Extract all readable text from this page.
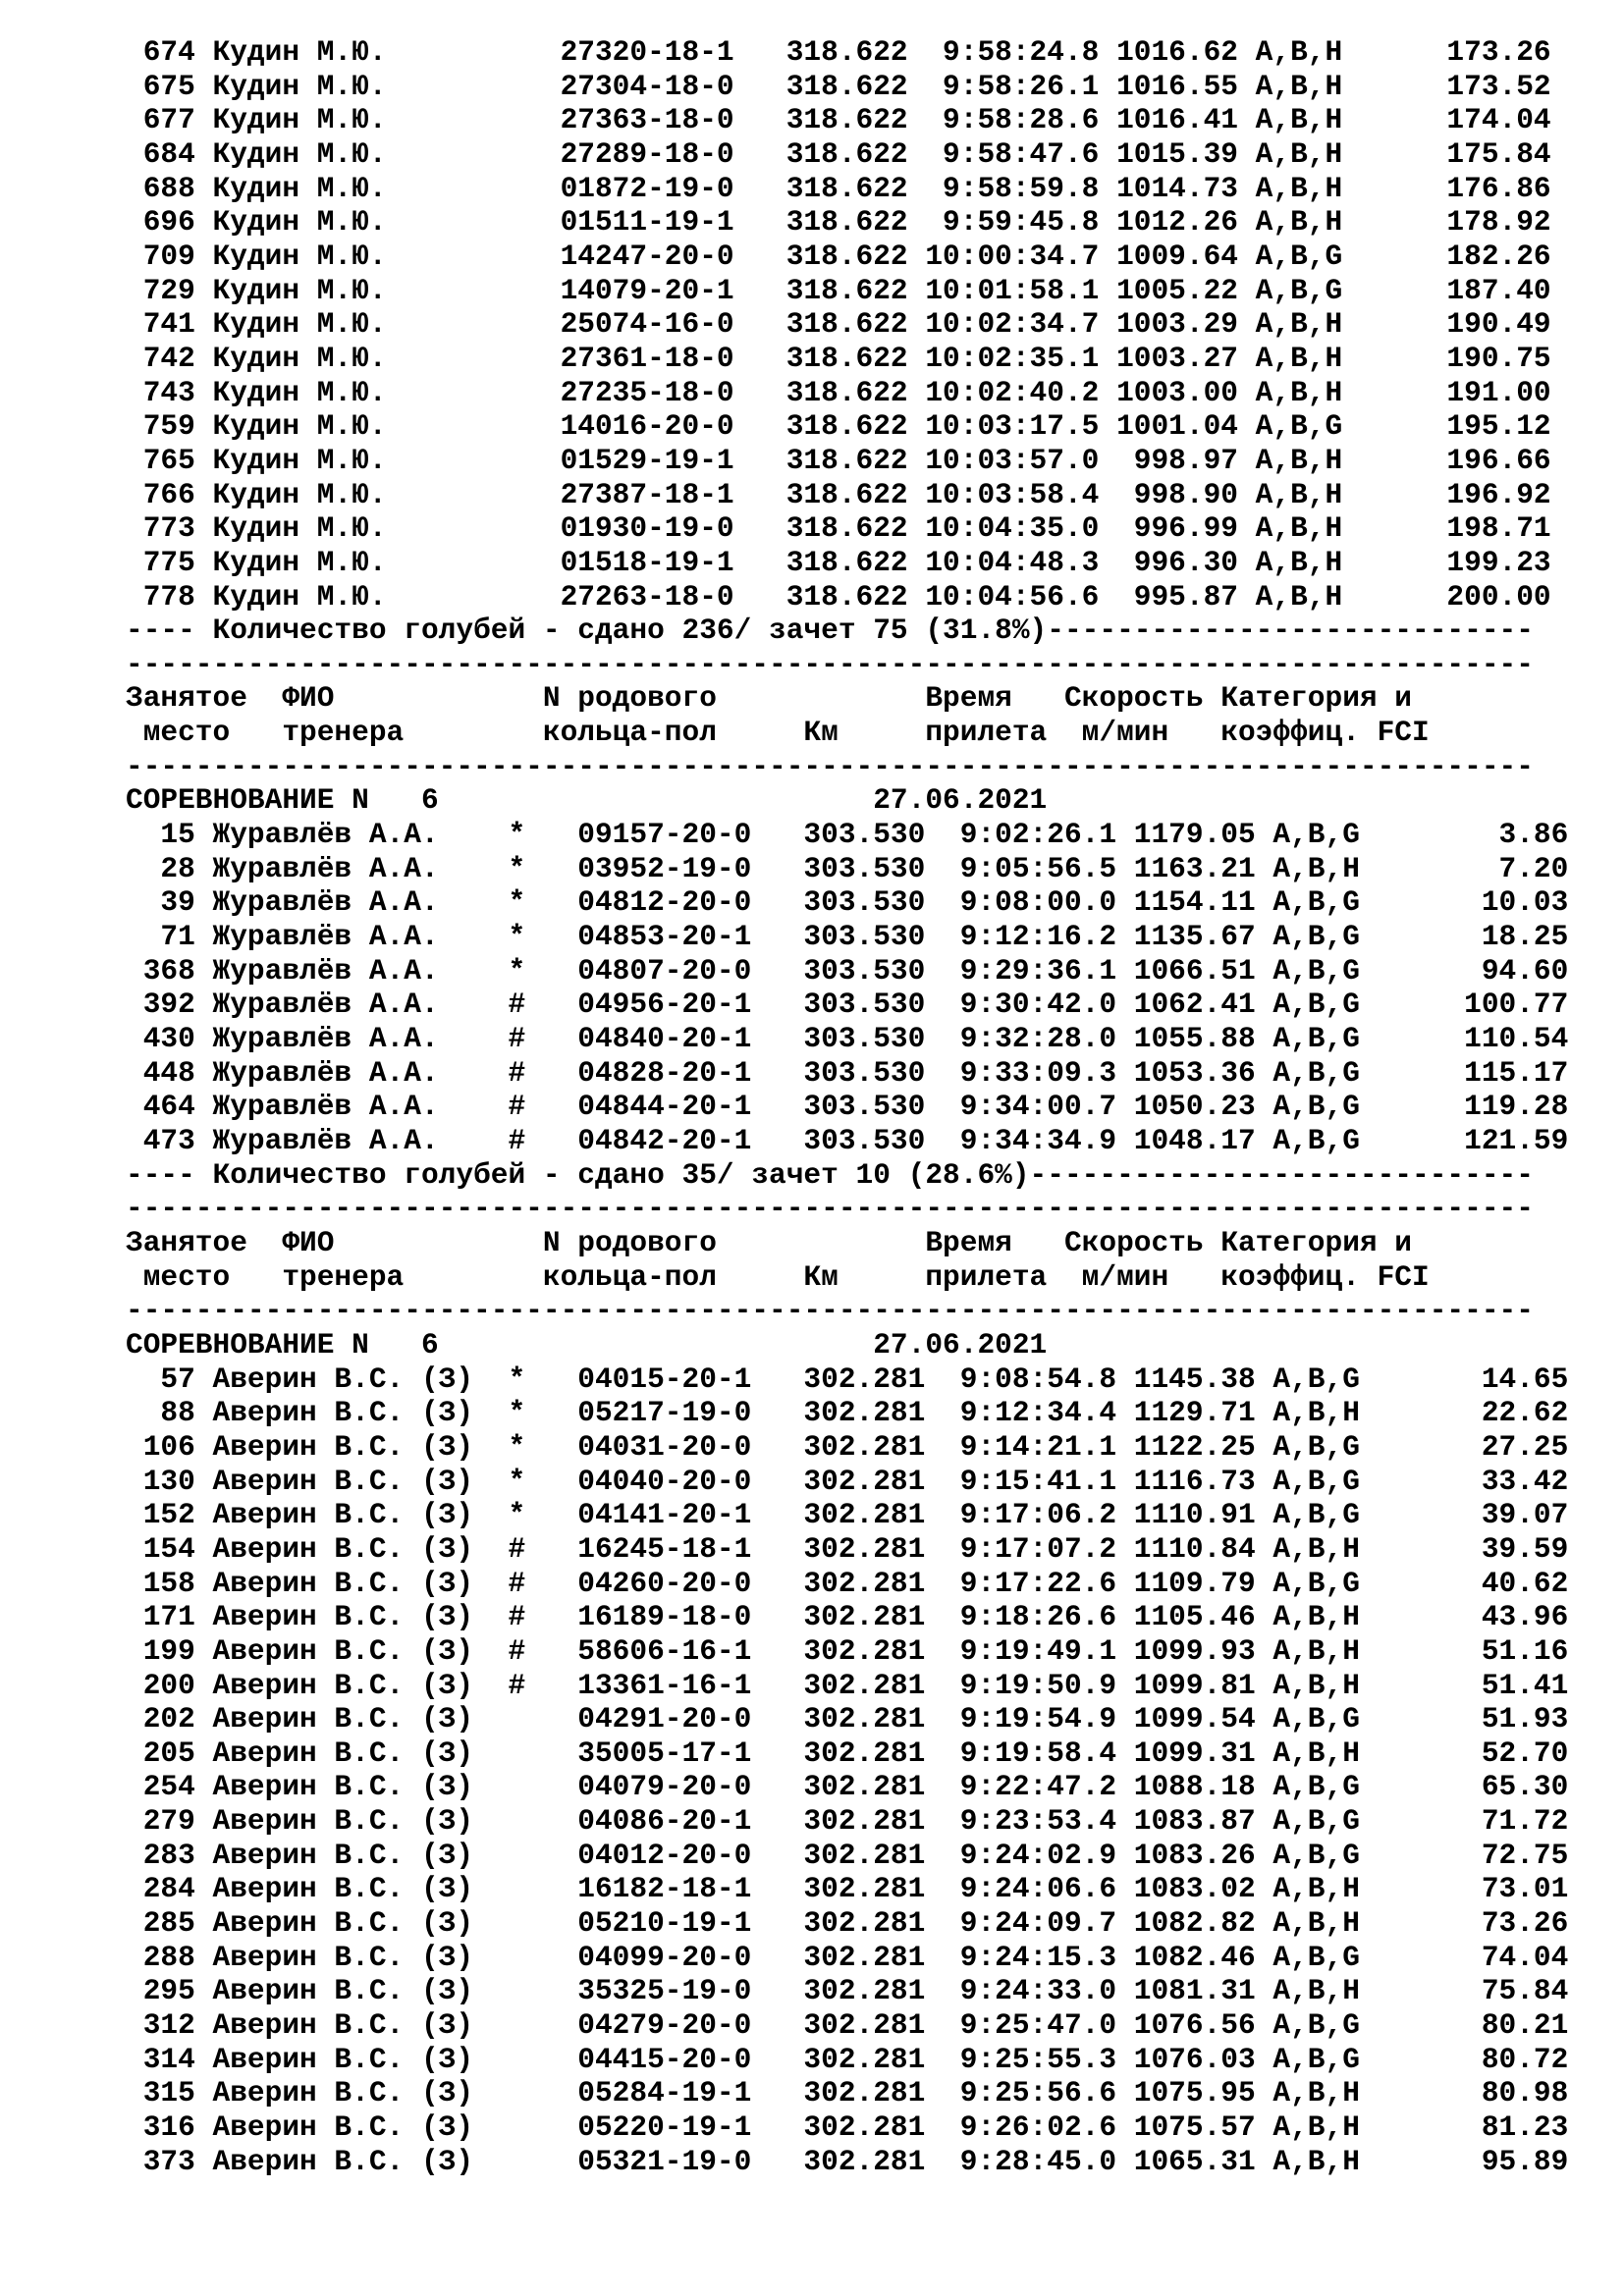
674 Кудин М.Ю.          27320-18-1   318.622  9:58:24.8 1016.62 A,B,H      173.26
675 Кудин М.Ю.          27304-18-0   318.622  9:58:26.1 1016.55 A,B,H      173.52
677 Кудин М.Ю.          27363-18-0   318.622  9:58:28.6 1016.41 A,B,H      174.04
684 Кудин М.Ю.          27289-18-0   318.622  9:58:47.6 1015.39 A,B,H      175.84
688 Кудин М.Ю.          01872-19-0   318.622  9:58:59.8 1014.73 A,B,H      176.86
696 Кудин М.Ю.          01511-19-1   318.622  9:59:45.8 1012.26 A,B,H      178.92
709 Кудин М.Ю.          14247-20-0   318.622 10:00:34.7 1009.64 A,B,G      182.26
729 Кудин М.Ю.          14079-20-1   318.622 10:01:58.1 1005.22 A,B,G      187.40
741 Кудин М.Ю.          25074-16-0   318.622 10:02:34.7 1003.29 A,B,H      190.49
742 Кудин М.Ю.          27361-18-0   318.622 10:02:35.1 1003.27 A,B,H      190.75
743 Кудин М.Ю.          27235-18-0   318.622 10:02:40.2 1003.00 A,B,H      191.00
759 Кудин М.Ю.          14016-20-0   318.622 10:03:17.5 1001.04 A,B,G      195.12
765 Кудин М.Ю.          01529-19-1   318.622 10:03:57.0  998.97 A,B,H      196.66
766 Кудин М.Ю.          27387-18-1   318.622 10:03:58.4  998.90 A,B,H      196.92
773 Кудин М.Ю.          01930-19-0   318.622 10:04:35.0  996.99 A,B,H      198.71
775 Кудин М.Ю.          01518-19-1   318.622 10:04:48.3  996.30 A,B,H      199.23
778 Кудин М.Ю.          27263-18-0   318.622 10:04:56.6  995.87 A,B,H      200.00
---- Количество голубей - сдано 236/ зачет 75 (31.8%)----------------------------
---------------------------------------------------------------------------------
Занятое  ФИО            N родового            Время   Скорость Категория и
место   тренера        кольца-пол     Км     прилета  м/мин   коэффиц. FCI
---------------------------------------------------------------------------------
СОРЕВНОВАНИЕ N   6                         27.06.2021
15 Журавлёв А.А.    *   09157-20-0   303.530  9:02:26.1 1179.05 A,B,G        3.86
28 Журавлёв А.А.    *   03952-19-0   303.530  9:05:56.5 1163.21 A,B,H        7.20
39 Журавлёв А.А.    *   04812-20-0   303.530  9:08:00.0 1154.11 A,B,G       10.03
71 Журавлёв А.А.    *   04853-20-1   303.530  9:12:16.2 1135.67 A,B,G       18.25
368 Журавлёв А.А.    *   04807-20-0   303.530  9:29:36.1 1066.51 A,B,G       94.60
392 Журавлёв А.А.    #   04956-20-1   303.530  9:30:42.0 1062.41 A,B,G      100.77
430 Журавлёв А.А.    #   04840-20-1   303.530  9:32:28.0 1055.88 A,B,G      110.54
448 Журавлёв А.А.    #   04828-20-1   303.530  9:33:09.3 1053.36 A,B,G      115.17
464 Журавлёв А.А.    #   04844-20-1   303.530  9:34:00.7 1050.23 A,B,G      119.28
473 Журавлёв А.А.    #   04842-20-1   303.530  9:34:34.9 1048.17 A,B,G      121.59
---- Количество голубей - сдано 35/ зачет 10 (28.6%)-----------------------------
---------------------------------------------------------------------------------
Занятое  ФИО            N родового            Время   Скорость Категория и
место   тренера        кольца-пол     Км     прилета  м/мин   коэффиц. FCI
---------------------------------------------------------------------------------
СОРЕВНОВАНИЕ N   6                         27.06.2021
57 Аверин В.С. (З)  *   04015-20-1   302.281  9:08:54.8 1145.38 A,B,G       14.65
88 Аверин В.С. (З)  *   05217-19-0   302.281  9:12:34.4 1129.71 A,B,H       22.62
106 Аверин В.С. (З)  *   04031-20-0   302.281  9:14:21.1 1122.25 A,B,G       27.25
130 Аверин В.С. (З)  *   04040-20-0   302.281  9:15:41.1 1116.73 A,B,G       33.42
152 Аверин В.С. (З)  *   04141-20-1   302.281  9:17:06.2 1110.91 A,B,G       39.07
154 Аверин В.С. (З)  #   16245-18-1   302.281  9:17:07.2 1110.84 A,B,H       39.59
158 Аверин В.С. (З)  #   04260-20-0   302.281  9:17:22.6 1109.79 A,B,G       40.62
171 Аверин В.С. (З)  #   16189-18-0   302.281  9:18:26.6 1105.46 A,B,H       43.96
199 Аверин В.С. (З)  #   58606-16-1   302.281  9:19:49.1 1099.93 A,B,H       51.16
200 Аверин В.С. (З)  #   13361-16-1   302.281  9:19:50.9 1099.81 A,B,H       51.41
202 Аверин В.С. (З)      04291-20-0   302.281  9:19:54.9 1099.54 A,B,G       51.93
205 Аверин В.С. (З)      35005-17-1   302.281  9:19:58.4 1099.31 A,B,H       52.70
254 Аверин В.С. (З)      04079-20-0   302.281  9:22:47.2 1088.18 A,B,G       65.30
279 Аверин В.С. (З)      04086-20-1   302.281  9:23:53.4 1083.87 A,B,G       71.72
283 Аверин В.С. (З)      04012-20-0   302.281  9:24:02.9 1083.26 A,B,G       72.75
284 Аверин В.С. (З)      16182-18-1   302.281  9:24:06.6 1083.02 A,B,H       73.01
285 Аверин В.С. (З)      05210-19-1   302.281  9:24:09.7 1082.82 A,B,H       73.26
288 Аверин В.С. (З)      04099-20-0   302.281  9:24:15.3 1082.46 A,B,G       74.04
295 Аверин В.С. (З)      35325-19-0   302.281  9:24:33.0 1081.31 A,B,H       75.84
312 Аверин В.С. (З)      04279-20-0   302.281  9:25:47.0 1076.56 A,B,G       80.21
314 Аверин В.С. (З)      04415-20-0   302.281  9:25:55.3 1076.03 A,B,G       80.72
315 Аверин В.С. (З)      05284-19-1   302.281  9:25:56.6 1075.95 A,B,H       80.98
316 Аверин В.С. (З)      05220-19-1   302.281  9:26:02.6 1075.57 A,B,H       81.23
373 Аверин В.С. (З)      05321-19-0   302.281  9:28:45.0 1065.31 A,B,H       95.89
